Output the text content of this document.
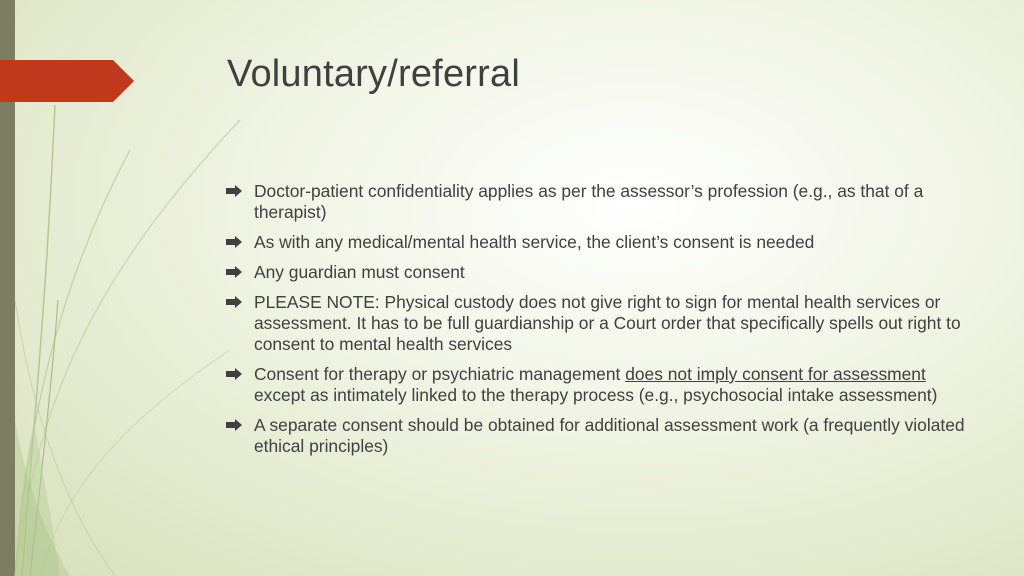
Voluntary/referral
Doctor-patient confidentiality applies as per the assessor’s profession (e.g., as that of a therapist)
As with any medical/mental health service, the client’s consent is needed
Any guardian must consent
PLEASE NOTE: Physical custody does not give right to sign for mental health services or assessment. It has to be full guardianship or a Court order that specifically spells out right to consent to mental health services
Consent for therapy or psychiatric management does not imply consent for assessment except as intimately linked to the therapy process (e.g., psychosocial intake assessment)
A separate consent should be obtained for additional assessment work (a frequently violated ethical principles)
